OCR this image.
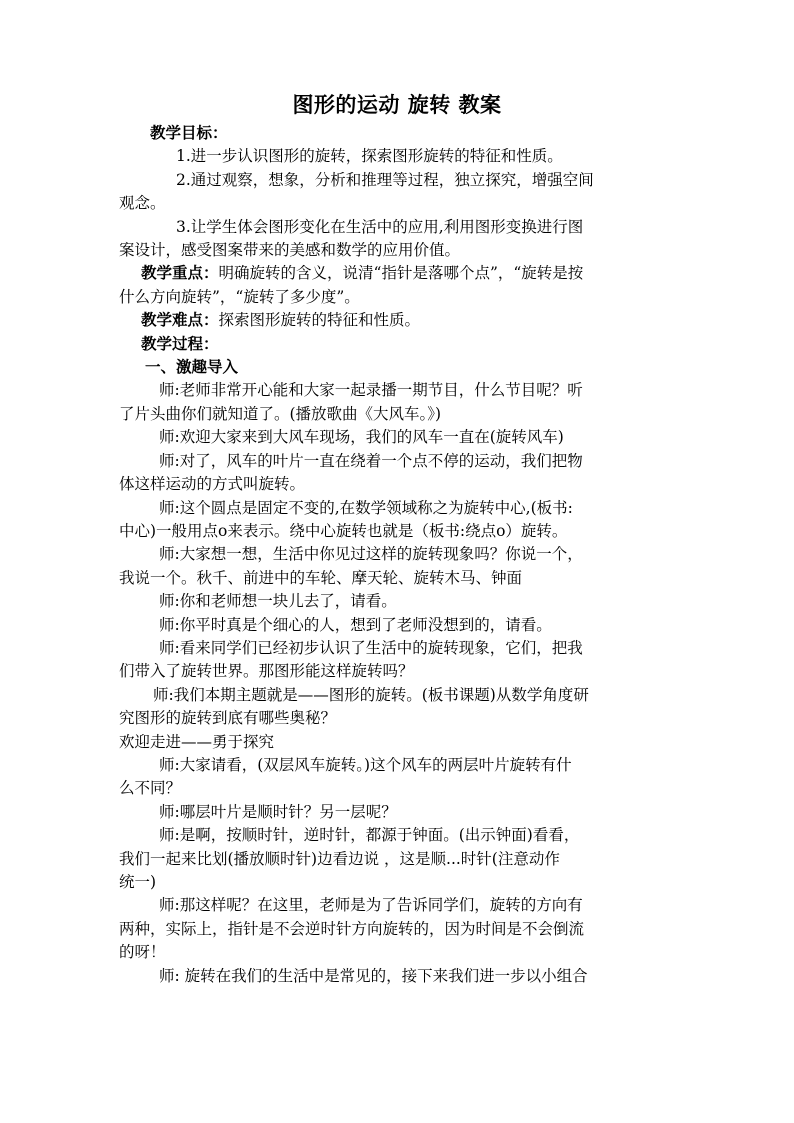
图形的运动 旋转 教案

教学目标：

1.进一步认识图形的旋转，探索图形旋转的特征和性质。

2.通过观察，想象，分析和推理等过程，独立探究，增强空间
观念。

3.让学生体会图形变化在生活中的应用,利用图形变换进行图
案设计，感受图案带来的美感和数学的应用价值。

教学重点：明确旋转的含义，说清“指针是落哪个点”，“旋转是按
什么方向旋转”，“旋转了多少度”。

教学难点：探索图形旋转的特征和性质。

教学过程：

一、激趣导入

师:老师非常开心能和大家一起录播一期节目，什么节目呢？听
了片头曲你们就知道了。(播放歌曲《大风车。》)

师:欢迎大家来到大风车现场，我们的风车一直在(旋转风车)

师:对了，风车的叶片一直在绕着一个点不停的运动，我们把物
体这样运动的方式叫旋转。

师:这个圆点是固定不变的,在数学领域称之为旋转中心,(板书:
中心)一般用点o来表示。绕中心旋转也就是（板书:绕点o）旋转。

师:大家想一想，生活中你见过这样的旋转现象吗？你说一个，
我说一个。秋千、前进中的车轮、摩天轮、旋转木马、钟面

师:你和老师想一块儿去了，请看。

师:你平时真是个细心的人，想到了老师没想到的，请看。

师:看来同学们已经初步认识了生活中的旋转现象，它们，把我
们带入了旋转世界。那图形能这样旋转吗？

师:我们本期主题就是——图形的旋转。(板书课题)从数学角度研
究图形的旋转到底有哪些奥秘？

欢迎走进——勇于探究

师:大家请看，(双层风车旋转。)这个风车的两层叶片旋转有什
么不同？

师:哪层叶片是顺时针？另一层呢？

师:是啊，按顺时针，逆时针，都源于钟面。(出示钟面)看看，
我们一起来比划(播放顺时针)边看边说 ，这是顺...时针(注意动作
统一)

师:那这样呢？在这里，老师是为了告诉同学们，旋转的方向有
两种，实际上，指针是不会逆时针方向旋转的，因为时间是不会倒流
的呀！

师: 旋转在我们的生活中是常见的，接下来我们进一步以小组合
